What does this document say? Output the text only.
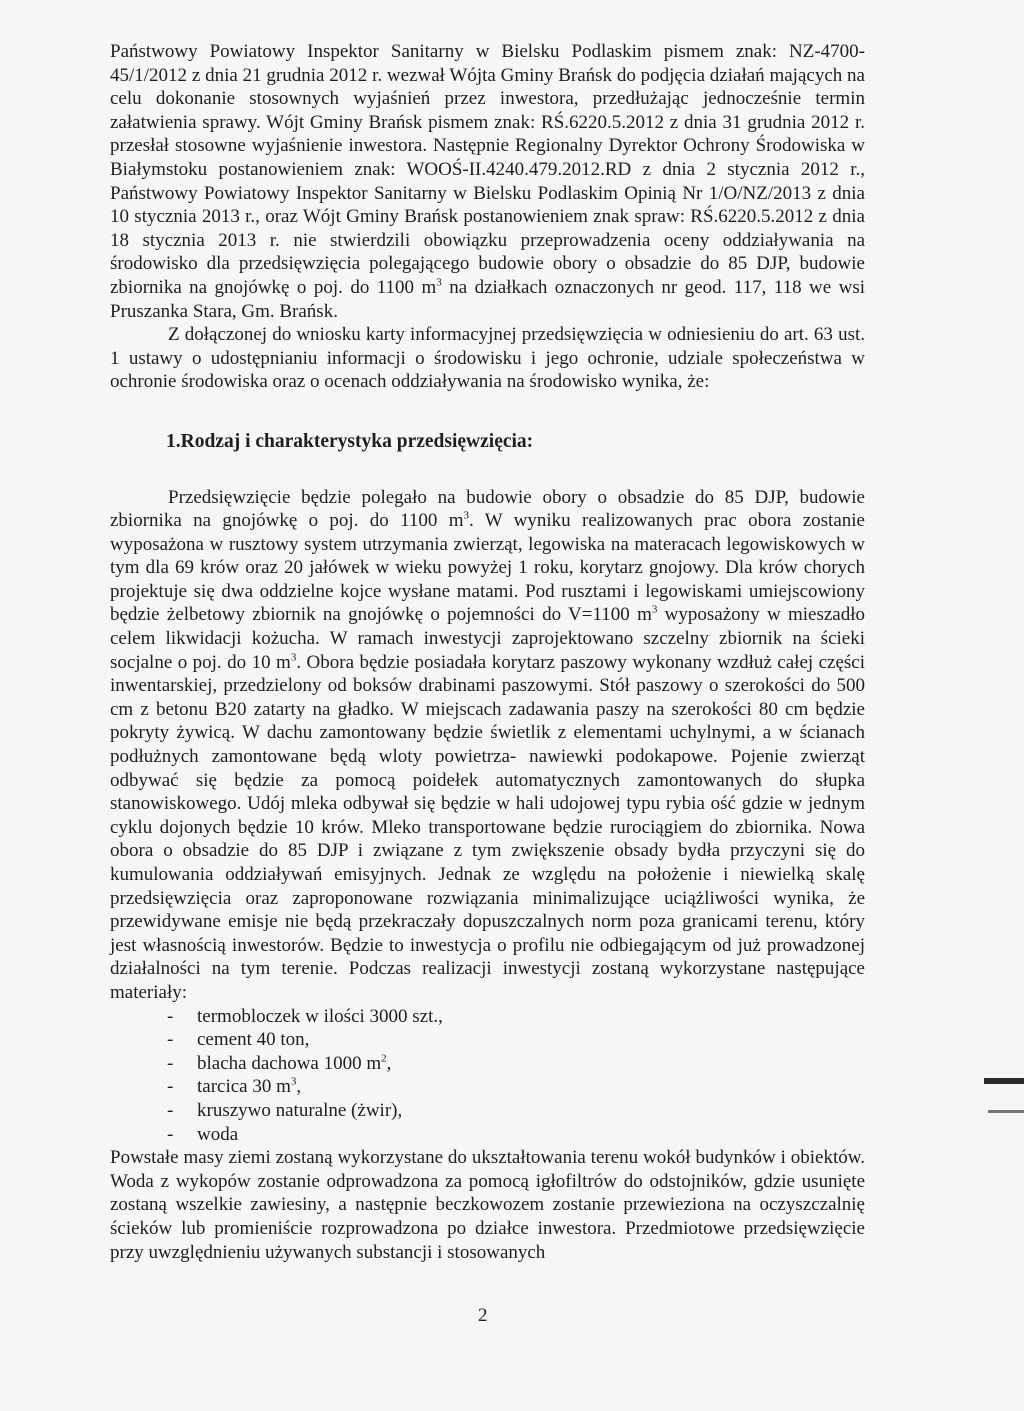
Państwowy Powiatowy Inspektor Sanitarny w Bielsku Podlaskim pismem znak: NZ-4700-45/1/2012 z dnia 21 grudnia 2012 r. wezwał Wójta Gminy Brańsk do podjęcia działań mających na celu dokonanie stosownych wyjaśnień przez inwestora, przedłużając jednocześnie termin załatwienia sprawy. Wójt Gminy Brańsk pismem znak: RŚ.6220.5.2012 z dnia 31 grudnia 2012 r. przesłał stosowne wyjaśnienie inwestora. Następnie Regionalny Dyrektor Ochrony Środowiska w Białymstoku postanowieniem znak: WOOŚ-II.4240.479.2012.RD z dnia 2 stycznia 2012 r., Państwowy Powiatowy Inspektor Sanitarny w Bielsku Podlaskim Opinią Nr 1/O/NZ/2013 z dnia 10 stycznia 2013 r., oraz Wójt Gminy Brańsk postanowieniem znak spraw: RŚ.6220.5.2012 z dnia 18 stycznia 2013 r. nie stwierdzili obowiązku przeprowadzenia oceny oddziaływania na środowisko dla przedsięwzięcia polegającego budowie obory o obsadzie do 85 DJP, budowie zbiornika na gnojówkę o poj. do 1100 $m^3$ na działkach oznaczonych nr geod. 117, 118 we wsi Pruszanka Stara, Gm. Brańsk.

Z dołączonej do wniosku karty informacyjnej przedsięwzięcia w odniesieniu do art. 63 ust. 1 ustawy o udostępnianiu informacji o środowisku i jego ochronie, udziale społeczeństwa w ochronie środowiska oraz o ocenach oddziaływania na środowisko wynika, że:

1.Rodzaj i charakterystyka przedsięwzięcia:

Przedsięwzięcie będzie polegało na budowie obory o obsadzie do 85 DJP, budowie zbiornika na gnojówkę o poj. do 1100 $m^3$. W wyniku realizowanych prac obora zostanie wyposażona w rusztowy system utrzymania zwierząt, legowiska na materacach legowiskowych w tym dla 69 krów oraz 20 jałówek w wieku powyżej 1 roku, korytarz gnojowy. Dla krów chorych projektuje się dwa oddzielne kojce wysłane matami. Pod rusztami i legowiskami umiejscowiony będzie żelbetowy zbiornik na gnojówkę o pojemności do V=1100 $m^3$ wyposażony w mieszadło celem likwidacji kożucha. W ramach inwestycji zaprojektowano szczelny zbiornik na ścieki socjalne o poj. do 10 $m^3$. Obora będzie posiadała korytarz paszowy wykonany wzdłuż całej części inwentarskiej, przedzielony od boksów drabinami paszowymi. Stół paszowy o szerokości do 500 cm z betonu B20 zatarty na gładko. W miejscach zadawania paszy na szerokości 80 cm będzie pokryty żywicą. W dachu zamontowany będzie świetlik z elementami uchylnymi, a w ścianach podłużnych zamontowane będą wloty powietrza- nawiewki podokapowe. Pojenie zwierząt odbywać się będzie za pomocą poidełek automatycznych zamontowanych do słupka stanowiskowego. Udój mleka odbywał się będzie w hali udojowej typu rybia ość gdzie w jednym cyklu dojonych będzie 10 krów. Mleko transportowane będzie rurociągiem do zbiornika. Nowa obora o obsadzie do 85 DJP i związane z tym zwiększenie obsady bydła przyczyni się do kumulowania oddziaływań emisyjnych. Jednak ze względu na położenie i niewielką skalę przedsięwzięcia oraz zaproponowane rozwiązania minimalizujące uciążliwości wynika, że przewidywane emisje nie będą przekraczały dopuszczalnych norm poza granicami terenu, który jest własnością inwestorów. Będzie to inwestycja o profilu nie odbiegającym od już prowadzonej działalności na tym terenie. Podczas realizacji inwestycji zostaną wykorzystane następujące materiały:

- termobloczek w ilości 3000 szt.,
- cement 40 ton,
- blacha dachowa 1000 $m^2$,
- tarcica 30 $m^3$,
- kruszywo naturalne (żwir),
- woda

Powstałe masy ziemi zostaną wykorzystane do ukształtowania terenu wokół budynków i obiektów. Woda z wykopów zostanie odprowadzona za pomocą igłofiltrów do odstojników, gdzie usunięte zostaną wszelkie zawiesiny, a następnie beczkowozem zostanie przewieziona na oczyszczalnię ścieków lub promieniście rozprowadzona po działce inwestora. Przedmiotowe przedsięwzięcie przy uwzględnieniu używanych substancji i stosowanych

2
